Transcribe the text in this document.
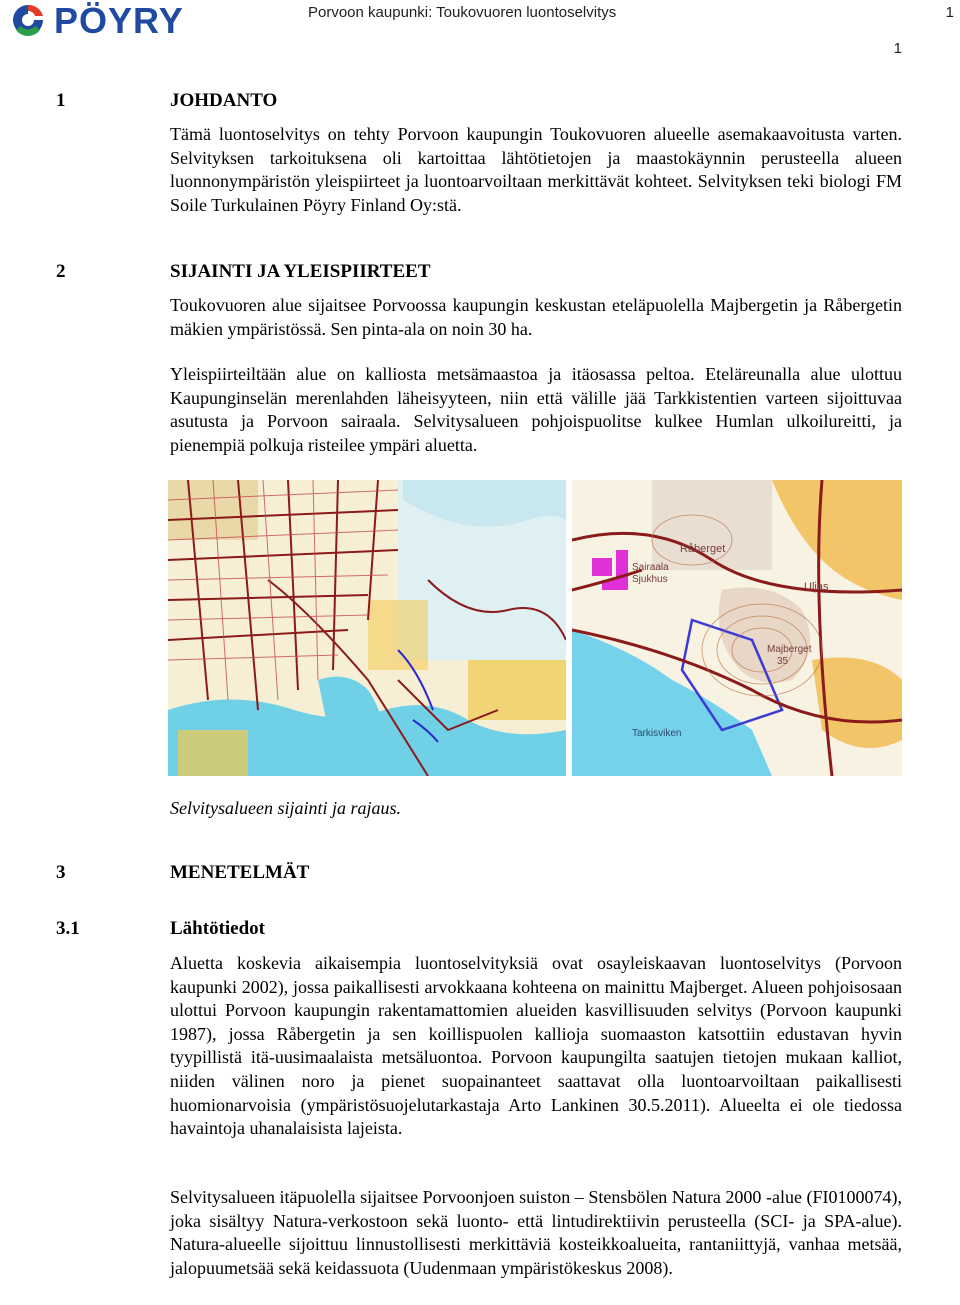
PÖYRY	Porvoon kaupunki: Toukovuoren luontoselvitys	1
1
1	JOHDANTO

Tämä luontoselvitys on tehty Porvoon kaupungin Toukovuoren alueelle asemakaavoitusta varten. Selvityksen tarkoituksena oli kartoittaa lähtötietojen ja maastokäynnin perusteella alueen luonnonympäristön yleispiirteet ja luontoarvoiltaan merkittävät kohteet. Selvityksen teki biologi FM Soile Turkulainen Pöyry Finland Oy:stä.

2	SIJAINTI JA YLEISPIIRTEET

Toukovuoren alue sijaitsee Porvoossa kaupungin keskustan eteläpuolella Majbergetin ja Råbergetin mäkien ympäristössä. Sen pinta-ala on noin 30 ha.

Yleispiirteiltään alue on kalliosta metsämaastoa ja itäosassa peltoa. Eteläreunalla alue ulottuu Kaupunginselän merenlahden läheisyyteen, niin että välille jää Tarkkistentien varteen sijoittuvaa asutusta ja Porvoon sairaala. Selvitysalueen pohjoispuolitse kulkee Humlan ulkoilureitti, ja pienempiä polkuja risteilee ympäri aluetta.

Råberget
Sairaala
Sjukhus
Uljas
Majberget
35
Tarkisviken
Selvitysalueen sijainti ja rajaus.
3	MENETELMÄT
3.1	Lähtötiedot

Aluetta koskevia aikaisempia luontoselvityksiä ovat osayleiskaavan luontoselvitys (Porvoon kaupunki 2002), jossa paikallisesti arvokkaana kohteena on mainittu Majberget. Alueen pohjoisosaan ulottui Porvoon kaupungin rakentamattomien alueiden kasvillisuuden selvitys (Porvoon kaupunki 1987), jossa Råbergetin ja sen koillispuolen kallioja suomaaston katsottiin edustavan hyvin tyypillistä itä-uusimaalaista metsäluontoa. Porvoon kaupungilta saatujen tietojen mukaan kalliot, niiden välinen noro ja pienet suopainanteet saattavat olla luontoarvoiltaan paikallisesti huomionarvoisia (ympäristösuojelutarkastaja Arto Lankinen 30.5.2011). Alueelta ei ole tiedossa havaintoja uhanalaisista lajeista.

Selvitysalueen itäpuolella sijaitsee Porvoonjoen suiston – Stensbölen Natura 2000 -alue (FI0100074), joka sisältyy Natura-verkostoon sekä luonto- että lintudirektiivin perusteella (SCI- ja SPA-alue). Natura-alueelle sijoittuu linnustollisesti merkittäviä kosteikkoalueita, rantaniittyjä, vanhaa metsää, jalopuumetsää sekä keidassuota (Uudenmaan ympäristökeskus 2008).
